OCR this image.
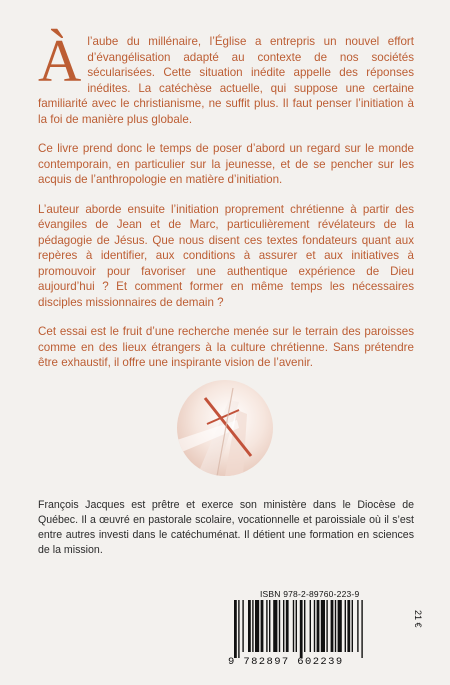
À l’aube du millénaire, l’Église a entrepris un nouvel effort d’évangélisation adapté au contexte de nos sociétés sécularisées. Cette situation inédite appelle des réponses inédites. La catéchèse actuelle, qui suppose une certaine familiarité avec le christianisme, ne suffit plus. Il faut penser l’initiation à la foi de manière plus globale.

Ce livre prend donc le temps de poser d’abord un regard sur le monde contemporain, en particulier sur la jeunesse, et de se pencher sur les acquis de l’anthropologie en matière d’initiation.

L’auteur aborde ensuite l’initiation proprement chrétienne à partir des évangiles de Jean et de Marc, particulièrement révélateurs de la pédagogie de Jésus. Que nous disent ces textes fondateurs quant aux repères à identifier, aux conditions à assurer et aux initiatives à promouvoir pour favoriser une authentique expérience de Dieu aujourd’hui ? Et comment former en même temps les nécessaires disciples missionnaires de demain ?

Cet essai est le fruit d’une recherche menée sur le terrain des paroisses comme en des lieux étrangers à la culture chrétienne. Sans prétendre être exhaustif, il offre une inspirante vision de l’avenir.

François Jacques est prêtre et exerce son ministère dans le Diocèse de Québec. Il a œuvré en pastorale scolaire, vocationnelle et paroissiale où il s’est entre autres investi dans le catéchuménat. Il détient une formation en sciences de la mission.
ISBN 978-2-89760-223-9
9 782897 602239
21 €
